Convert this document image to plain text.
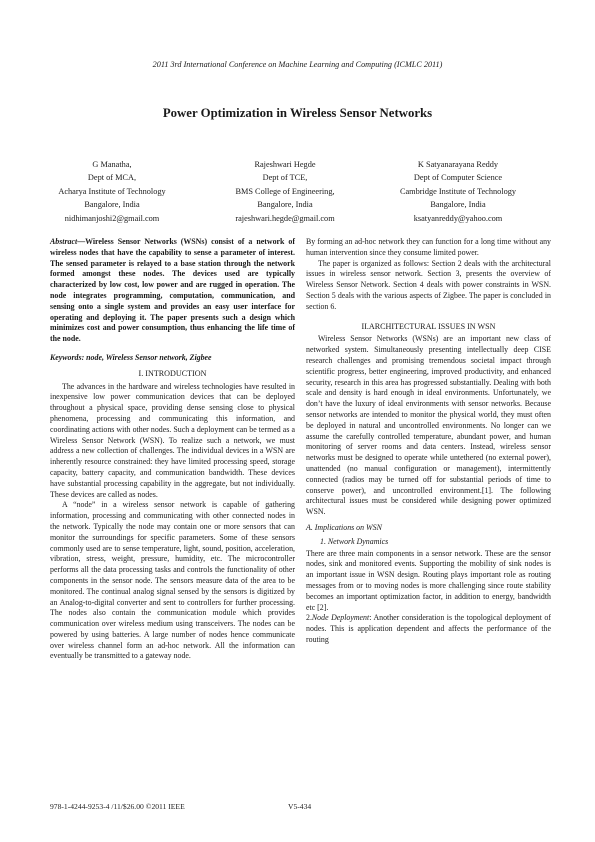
2011 3rd International Conference on Machine Learning and Computing (ICMLC 2011)
Power Optimization in Wireless Sensor Networks
G Manatha,
Dept of MCA,
Acharya Institute of Technology
Bangalore, India
nidhimanjoshi2@gmail.com
Rajeshwari Hegde
Dept of TCE,
BMS College of Engineering,
Bangalore, India
rajeshwari.hegde@gmail.com
K Satyanarayana Reddy
Dept of Computer Science
Cambridge Institute of Technology
Bangalore, India
ksatyanreddy@yahoo.com

Abstract—Wireless Sensor Networks (WSNs) consist of a network of wireless nodes that have the capability to sense a parameter of interest. The sensed parameter is relayed to a base station through the network formed amongst these nodes. The devices used are typically characterized by low cost, low power and are rugged in operation. The node integrates programming, computation, communication, and sensing onto a single system and provides an easy user interface for operating and deploying it. The paper presents such a design which minimizes cost and power consumption, thus enhancing the life time of the node.

Keywords: node, Wireless Sensor network, Zigbee

I. INTRODUCTION

The advances in the hardware and wireless technologies have resulted in inexpensive low power communication devices that can be deployed throughout a physical space, providing dense sensing close to physical phenomena, processing and communicating this information, and coordinating actions with other nodes. Such a deployment can be termed as a Wireless Sensor Network (WSN). To realize such a network, we must address a new collection of challenges. The individual devices in a WSN are inherently resource constrained: they have limited processing speed, storage capacity, battery capacity, and communication bandwidth. These devices have substantial processing capability in the aggregate, but not individually. These devices are called as nodes.

A “node” in a wireless sensor network is capable of gathering information, processing and communicating with other connected nodes in the network. Typically the node may contain one or more sensors that can monitor the surroundings for specific parameters. Some of these sensors commonly used are to sense temperature, light, sound, position, acceleration, vibration, stress, weight, pressure, humidity, etc. The microcontroller performs all the data processing tasks and controls the functionality of other components in the sensor node. The sensors measure data of the area to be monitored. The continual analog signal sensed by the sensors is digitized by an Analog-to-digital converter and sent to controllers for further processing. The nodes also contain the communication module which provides communication over wireless medium using transceivers. The nodes can be powered by using batteries. A large number of nodes hence communicate over wireless channel form an ad-hoc network. All the information can eventually be transmitted to a gateway node.

By forming an ad-hoc network they can function for a long time without any human intervention since they consume limited power.

The paper is organized as follows: Section 2 deals with the architectural issues in wireless sensor network. Section 3, presents the overview of Wireless Sensor Network. Section 4 deals with power constraints in WSN. Section 5 deals with the various aspects of Zigbee. The paper is concluded in section 6.

II.ARCHITECTURAL ISSUES IN WSN

Wireless Sensor Networks (WSNs) are an important new class of networked system. Simultaneously presenting intellectually deep CISE research challenges and promising tremendous societal impact through scientific progress, better engineering, improved productivity, and enhanced security, research in this area has progressed substantially. Dealing with both scale and density is hard enough in ideal environments. Unfortunately, we don’t have the luxury of ideal environments with sensor networks. Because sensor networks are intended to monitor the physical world, they must often be deployed in natural and uncontrolled environments. No longer can we assume the carefully controlled temperature, abundant power, and human monitoring of server rooms and data centers. Instead, wireless sensor networks must be designed to operate while untethered (no external power), unattended (no manual configuration or management), intermittently connected (radios may be turned off for substantial periods of time to conserve power), and uncontrolled environment.[1]. The following architectural issues must be considered while designing power optimized WSN.

A. Implications on WSN
1. Network Dynamics

There are three main components in a sensor network. These are the sensor nodes, sink and monitored events. Supporting the mobility of sink nodes is an important issue in WSN design. Routing plays important role as routing messages from or to moving nodes is more challenging since route stability becomes an important optimization factor, in addition to energy, bandwidth etc [2].

2.Node Deployment: Another consideration is the topological deployment of nodes. This is application dependent and affects the performance of the routing

978-1-4244-9253-4 /11/$26.00 ©2011 IEEE	V5-434
